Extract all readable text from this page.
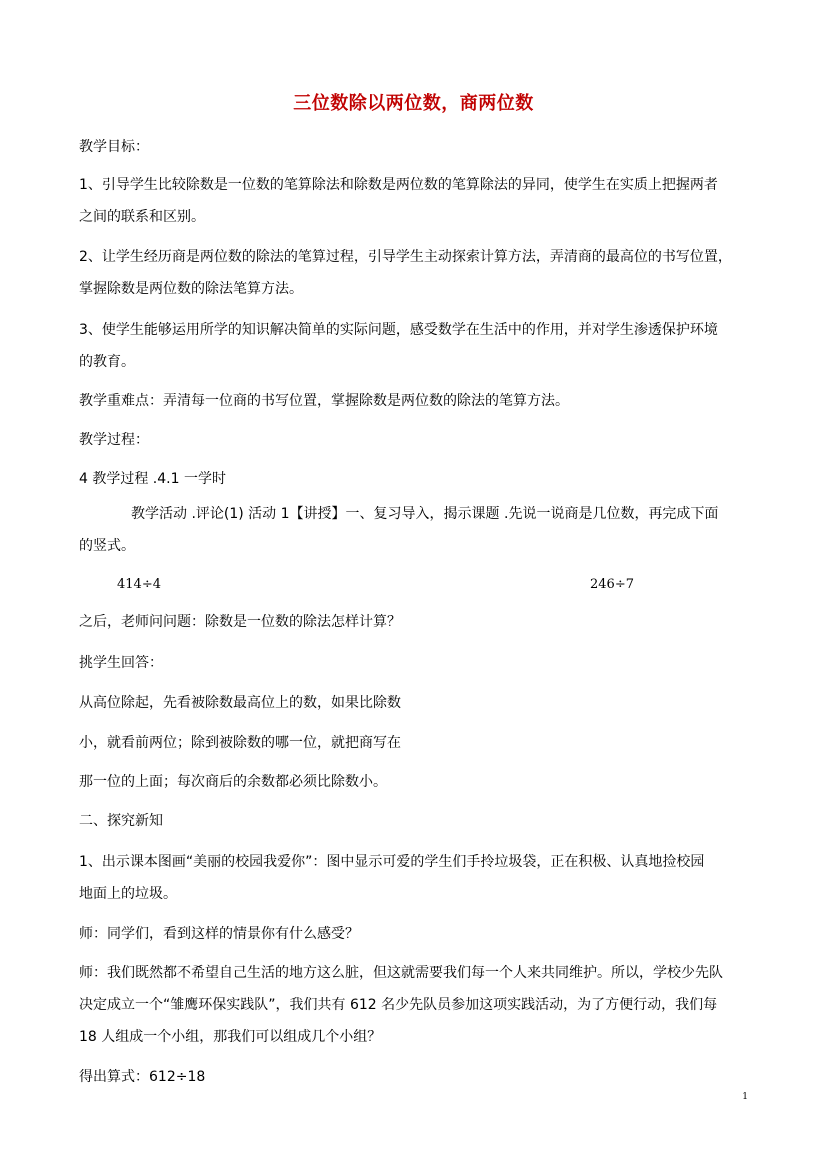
三位数除以两位数，商两位数
教学目标：
1、引导学生比较除数是一位数的笔算除法和除数是两位数的笔算除法的异同，使学生在实质上把握两者
之间的联系和区别。
2、让学生经历商是两位数的除法的笔算过程，引导学生主动探索计算方法，弄清商的最高位的书写位置，
掌握除数是两位数的除法笔算方法。
3、使学生能够运用所学的知识解决简单的实际问题，感受数学在生活中的作用，并对学生渗透保护环境
的教育。
教学重难点：弄清每一位商的书写位置，掌握除数是两位数的除法的笔算方法。
教学过程：
4 教学过程 .4.1 一学时
教学活动 .评论(1) 活动 1【讲授】一、复习导入，揭示课题 .先说一说商是几位数，再完成下面
的竖式。
414÷4	246÷7
之后，老师问问题：除数是一位数的除法怎样计算？
挑学生回答：
从高位除起，先看被除数最高位上的数，如果比除数
小，就看前两位；除到被除数的哪一位，就把商写在
那一位的上面；每次商后的余数都必须比除数小。
二、探究新知
1、出示课本图画“美丽的校园我爱你”：图中显示可爱的学生们手拎垃圾袋，正在积极、认真地捡校园
地面上的垃圾。
师：同学们，看到这样的情景你有什么感受？
师：我们既然都不希望自己生活的地方这么脏，但这就需要我们每一个人来共同维护。所以，学校少先队
决定成立一个“雏鹰环保实践队”，我们共有 612 名少先队员参加这项实践活动，为了方便行动，我们每
18 人组成一个小组，那我们可以组成几个小组？
得出算式：612÷18
1
